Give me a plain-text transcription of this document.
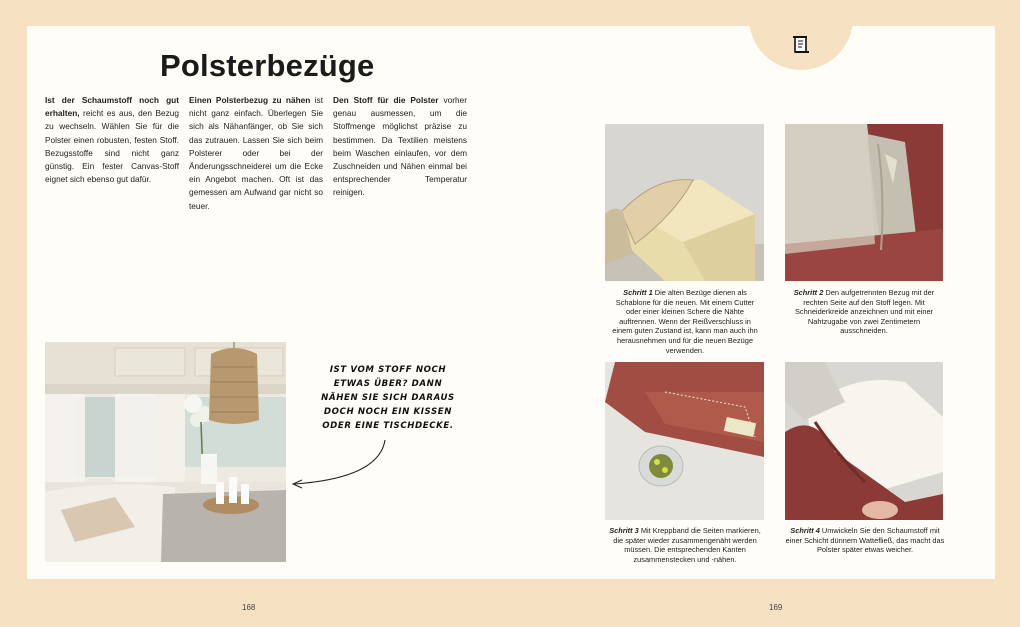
Polsterbezüge
Ist der Schaumstoff noch gut erhalten, reicht es aus, den Bezug zu wechseln. Wählen Sie für die Polster einen robusten, festen Stoff. Bezugsstoffe sind nicht ganz günstig. Ein fester Canvas-Stoff eignet sich ebenso gut dafür.
Einen Polsterbezug zu nähen ist nicht ganz einfach. Überlegen Sie sich als Nähanfänger, ob Sie sich das zutrauen. Lassen Sie sich beim Polsterer oder bei der Änderungsschneiderei um die Ecke ein Angebot machen. Oft ist das gemessen am Aufwand gar nicht so teuer.
Den Stoff für die Polster vorher genau ausmessen, um die Stoffmenge möglichst präzise zu bestimmen. Da Textilien meistens beim Waschen einlaufen, vor dem Zuschneiden und Nähen einmal bei entsprechender Temperatur reinigen.
IST VOM STOFF NOCH ETWAS ÜBER? DANN NÄHEN SIE SICH DARAUS DOCH NOCH EIN KISSEN ODER EINE TISCHDECKE.
Schritt 1 Die alten Bezüge dienen als Schablone für die neuen. Mit einem Cutter oder einer kleinen Schere die Nähte auftrennen. Wenn der Reißverschluss in einem guten Zustand ist, kann man auch ihn herausnehmen und für die neuen Bezüge verwenden.
Schritt 2 Den aufgetrennten Bezug mit der rechten Seite auf den Stoff legen. Mit Schneiderkreide anzeichnen und mit einer Nahtzugabe von zwei Zentimetern ausschneiden.
Schritt 3 Mit Kreppband die Seiten markieren, die später wieder zusammengenäht werden müssen. Die entsprechenden Kanten zusammenstecken und -nähen.
Schritt 4 Umwickeln Sie den Schaumstoff mit einer Schicht dünnem Wattefließ, das macht das Polster später etwas weicher.
168	169
